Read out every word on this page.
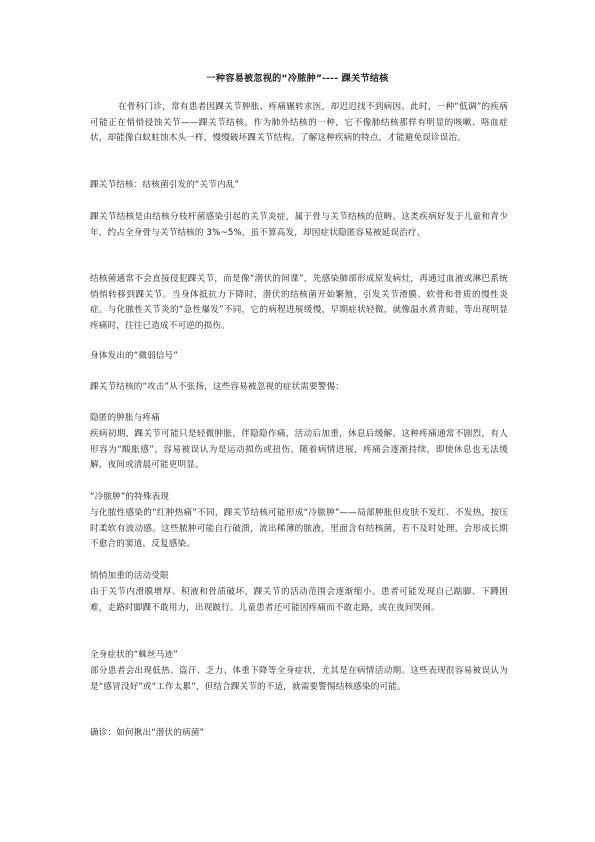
一种容易被忽视的“冷脓肿”---- 踝关节结核
在骨科门诊，常有患者因踝关节肿胀、疼痛辗转求医，却迟迟找不到病因。此时，一种“低调”的疾病可能正在悄悄侵蚀关节——踝关节结核。作为肺外结核的一种，它不像肺结核那样有明显的咳嗽、咯血症状，却能像白蚁蛀蚀木头一样，慢慢破坏踝关节结构。了解这种疾病的特点，才能避免误诊误治。
踝关节结核：结核菌引发的“关节内乱”
踝关节结核是由结核分枝杆菌感染引起的关节炎症，属于骨与关节结核的范畴。这类疾病好发于儿童和青少年，约占全身骨与关节结核的 3%~5%，虽不算高发，却因症状隐匿容易被延误治疗。
结核菌通常不会直接侵犯踝关节，而是像“潜伏的间谍”，先感染肺部形成原发病灶，再通过血液或淋巴系统悄悄转移到踝关节。当身体抵抗力下降时，潜伏的结核菌开始繁殖，引发关节滑膜、软骨和骨质的慢性炎症。与化脓性关节炎的“急性爆发”不同，它的病程进展缓慢，早期症状轻微，就像温水煮青蛙，等出现明显疼痛时，往往已造成不可逆的损伤。
身体发出的“微弱信号”
踝关节结核的“攻击”从不张扬，这些容易被忽视的症状需要警惕：
隐匿的肿胀与疼痛
疾病初期，踝关节可能只是轻微肿胀，伴隐隐作痛，活动后加重，休息后缓解。这种疼痛通常不剧烈，有人形容为“酸胀感”，容易被误认为是运动损伤或扭伤。随着病情进展，疼痛会逐渐持续，即使休息也无法缓解，夜间或清晨可能更明显。
“冷脓肿”的特殊表现
与化脓性感染的“红肿热痛”不同，踝关节结核可能形成“冷脓肿”——局部肿胀但皮肤不发红、不发热，按压时柔软有波动感。这些脓肿可能自行破溃，流出稀薄的脓液，里面含有结核菌，若不及时处理，会形成长期不愈合的窦道，反复感染。
悄悄加重的活动受限
由于关节内滑膜增厚、积液和骨质破坏，踝关节的活动范围会逐渐缩小。患者可能发现自己踮脚、下蹲困难，走路时脚踝不敢用力，出现跛行。儿童患者还可能因疼痛而不敢走路，或在夜间哭闹。
全身症状的“蛛丝马迹”
部分患者会出现低热、盗汗、乏力、体重下降等全身症状，尤其是在病情活动期。这些表现很容易被误认为是“感冒没好”或“工作太累”，但结合踝关节的不适，就需要警惕结核感染的可能。
确诊：如何揪出“潜伏的病菌”
